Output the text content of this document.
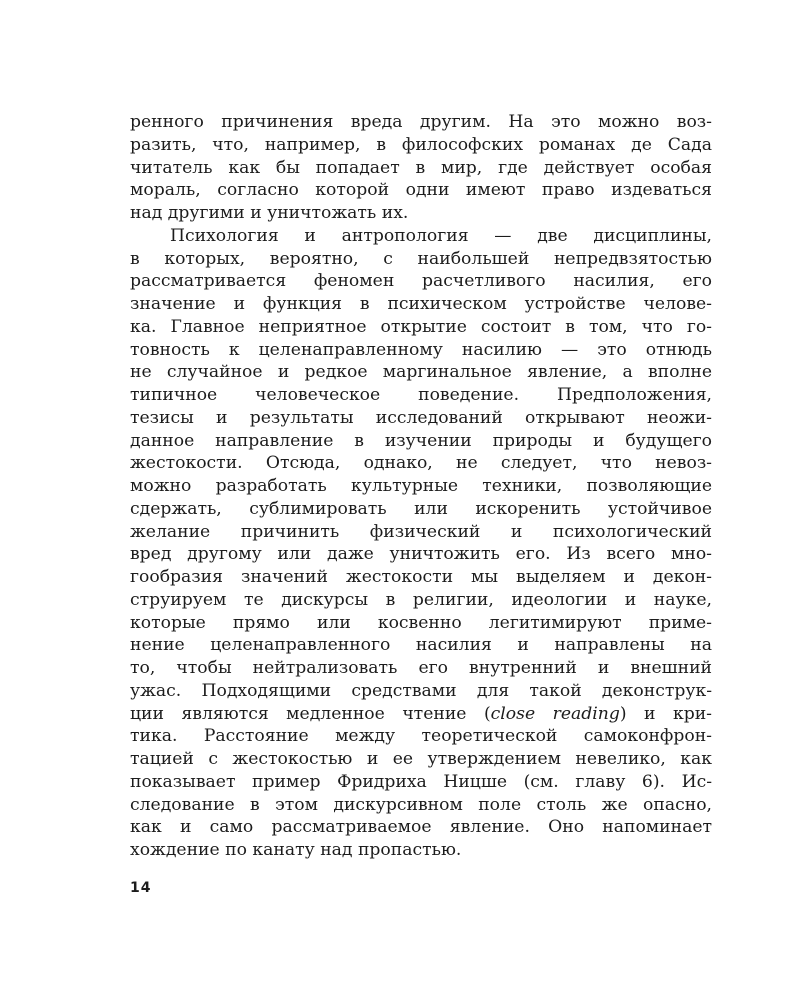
ренного причинения вреда другим. На это можно воз-
разить, что, например, в философских романах де Сада
читатель как бы попадает в мир, где действует особая
мораль, согласно которой одни имеют право издеваться
над другими и уничтожать их.
Психология и антропология — две дисциплины,
в которых, вероятно, с наибольшей непредвзятостью
рассматривается феномен расчетливого насилия, его
значение и функция в психическом устройстве челове-
ка. Главное неприятное открытие состоит в том, что го-
товность к целенаправленному насилию — это отнюдь
не случайное и редкое маргинальное явление, а вполне
типичное человеческое поведение. Предположения,
тезисы и результаты исследований открывают неожи-
данное направление в изучении природы и будущего
жестокости. Отсюда, однако, не следует, что невоз-
можно разработать культурные техники, позволяющие
сдержать, сублимировать или искоренить устойчивое
желание причинить физический и психологический
вред другому или даже уничтожить его. Из всего мно-
гообразия значений жестокости мы выделяем и декон-
струируем те дискурсы в религии, идеологии и науке,
которые прямо или косвенно легитимируют приме-
нение целенаправленного насилия и направлены на
то, чтобы нейтрализовать его внутренний и внешний
ужас. Подходящими средствами для такой деконструк-
ции являются медленное чтение (close reading) и кри-
тика. Расстояние между теоретической самоконфрон-
тацией с жестокостью и ее утверждением невелико, как
показывает пример Фридриха Ницше (см. главу 6). Ис-
следование в этом дискурсивном поле столь же опасно,
как и само рассматриваемое явление. Оно напоминает
хождение по канату над пропастью.
14
